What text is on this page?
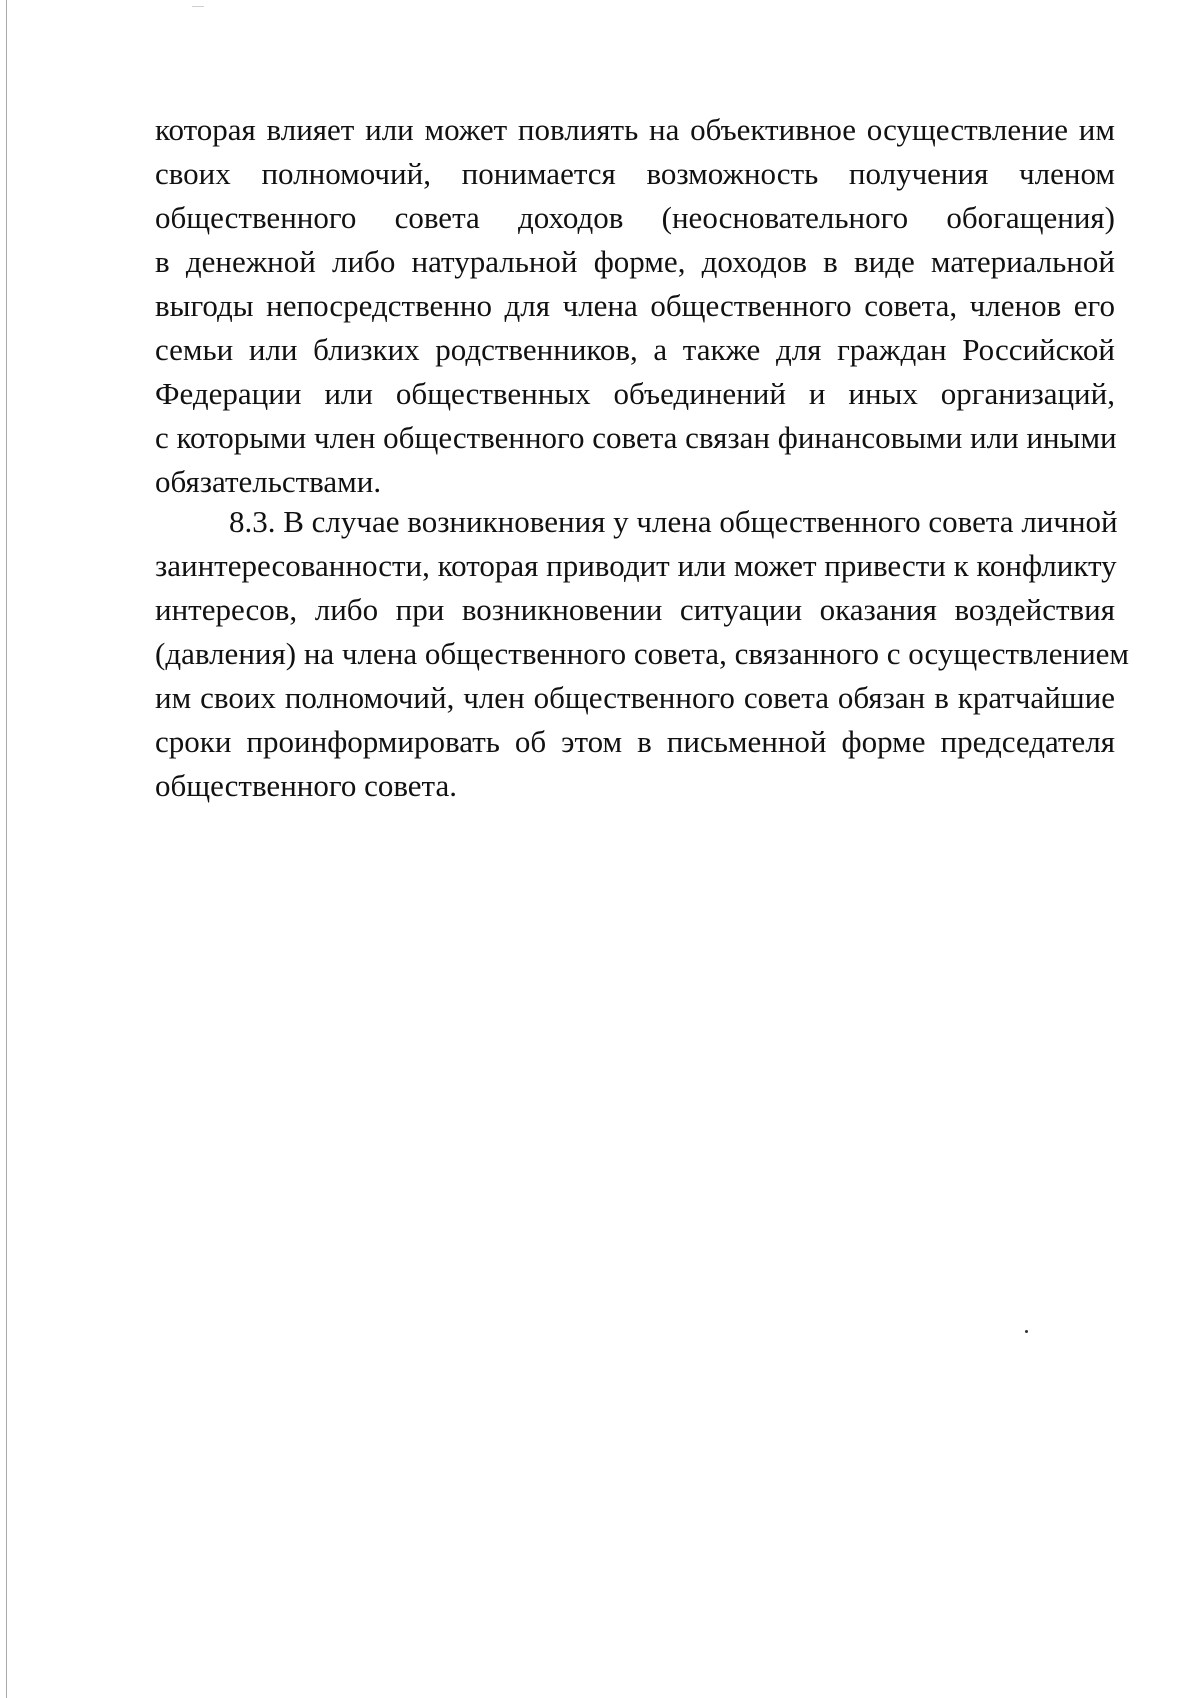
которая влияет или может повлиять на объективное осуществление им
своих полномочий, понимается возможность получения членом
общественного совета доходов (неосновательного обогащения)
в денежной либо натуральной форме, доходов в виде материальной
выгоды непосредственно для члена общественного совета, членов его
семьи или близких родственников, а также для граждан Российской
Федерации или общественных объединений и иных организаций,
с которыми член общественного совета связан финансовыми или иными
обязательствами.
8.3. В случае возникновения у члена общественного совета личной
заинтересованности, которая приводит или может привести к конфликту
интересов, либо при возникновении ситуации оказания воздействия
(давления) на члена общественного совета, связанного с осуществлением
им своих полномочий, член общественного совета обязан в кратчайшие
сроки проинформировать об этом в письменной форме председателя
общественного совета.
